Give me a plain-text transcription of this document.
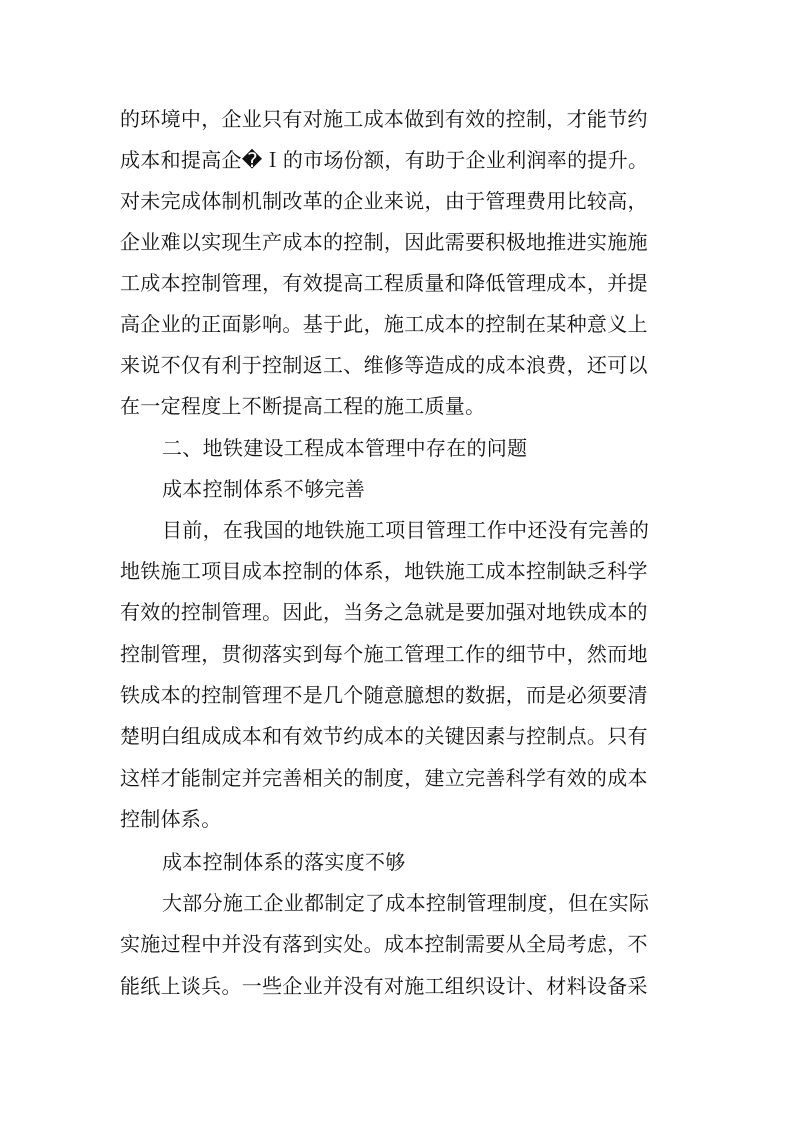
的环境中，企业只有对施工成本做到有效的控制，才能节约
成本和提高企�Ｉ的市场份额，有助于企业利润率的提升。
对未完成体制机制改革的企业来说，由于管理费用比较高，
企业难以实现生产成本的控制，因此需要积极地推进实施施
工成本控制管理，有效提高工程质量和降低管理成本，并提
高企业的正面影响。基于此，施工成本的控制在某种意义上
来说不仅有利于控制返工、维修等造成的成本浪费，还可以
在一定程度上不断提高工程的施工质量。
二、地铁建设工程成本管理中存在的问题
成本控制体系不够完善
目前，在我国的地铁施工项目管理工作中还没有完善的
地铁施工项目成本控制的体系，地铁施工成本控制缺乏科学
有效的控制管理。因此，当务之急就是要加强对地铁成本的
控制管理，贯彻落实到每个施工管理工作的细节中，然而地
铁成本的控制管理不是几个随意臆想的数据，而是必须要清
楚明白组成成本和有效节约成本的关键因素与控制点。只有
这样才能制定并完善相关的制度，建立完善科学有效的成本
控制体系。
成本控制体系的落实度不够
大部分施工企业都制定了成本控制管理制度，但在实际
实施过程中并没有落到实处。成本控制需要从全局考虑，不
能纸上谈兵。一些企业并没有对施工组织设计、材料设备采
